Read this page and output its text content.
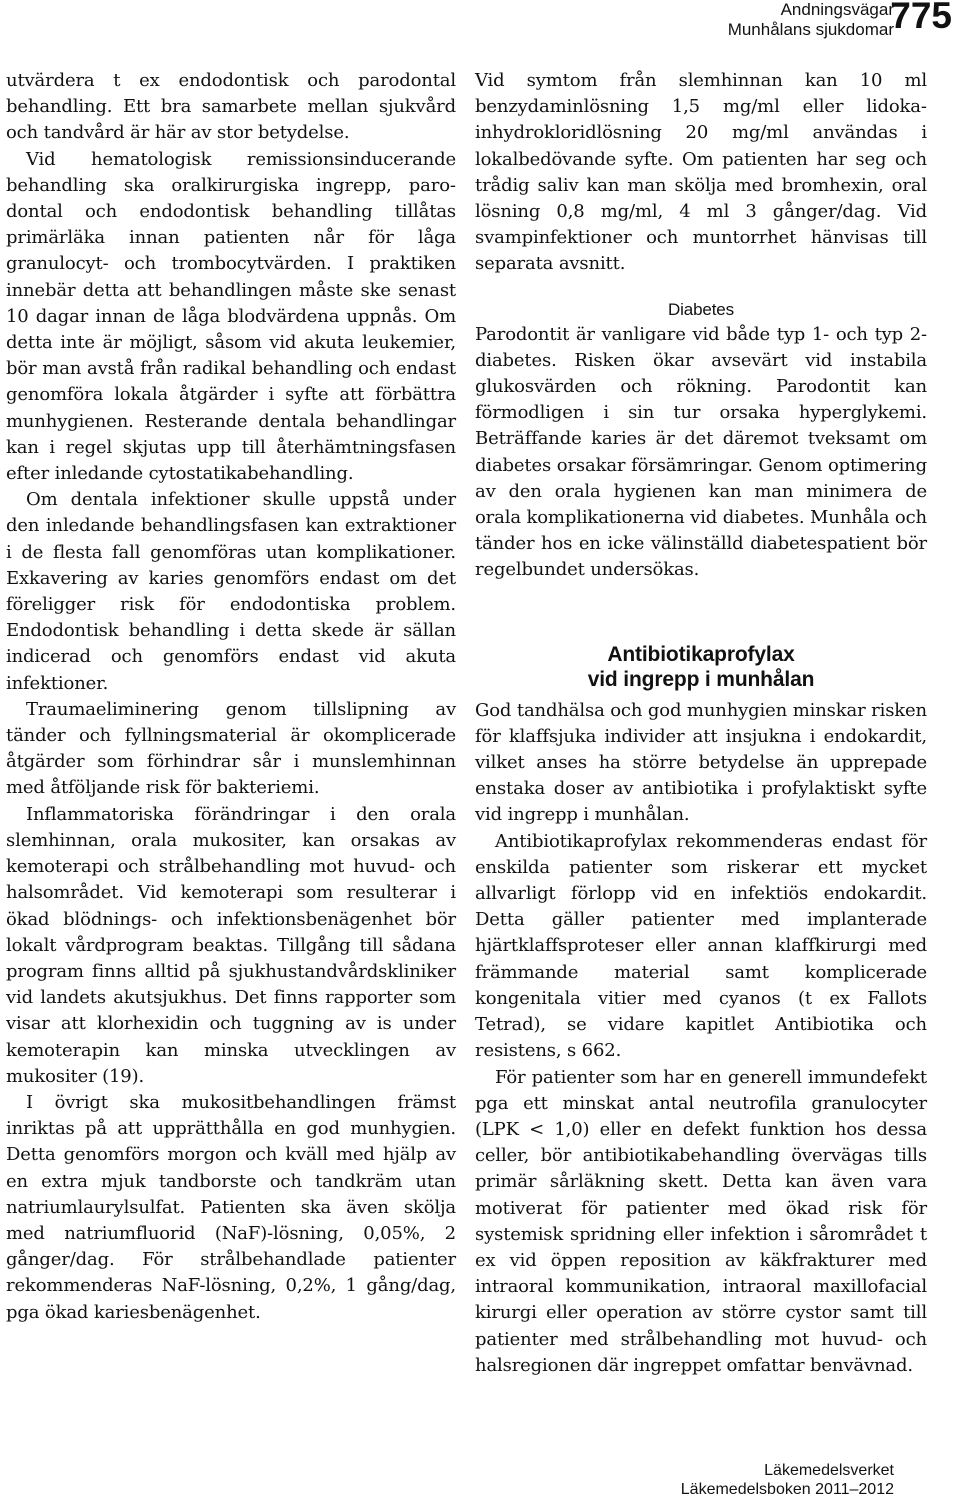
Andningsvägar
Munhålans sjukdomar
775

utvärdera t ex endodontisk och parodontal behandling. Ett bra samarbete mellan sjukvård och tandvård är här av stor betydelse.

Vid hematologisk remissionsinducerande behandling ska oralkirurgiska ingrepp, parodontal och endodontisk behandling tillåtas primärläka innan patienten når för låga granulocyt- och trombocytvärden. I praktiken innebär detta att behandlingen måste ske senast 10 dagar innan de låga blodvärdena uppnås. Om detta inte är möjligt, såsom vid akuta leukemier, bör man avstå från radikal behandling och endast genomföra lokala åtgärder i syfte att förbättra munhygienen. Resterande dentala behandlingar kan i regel skjutas upp till återhämtningsfasen efter inledande cytostatikabehandling.

Om dentala infektioner skulle uppstå under den inledande behandlingsfasen kan extraktioner i de flesta fall genomföras utan komplikationer. Exkavering av karies genomförs endast om det föreligger risk för endodontiska problem. Endodontisk behandling i detta skede är sällan indicerad och genomförs endast vid akuta infektioner.

Traumaeliminering genom tillslipning av tänder och fyllningsmaterial är okomplicerade åtgärder som förhindrar sår i munslemhinnan med åtföljande risk för bakteriemi.

Inflammatoriska förändringar i den orala slemhinnan, orala mukositer, kan orsakas av kemoterapi och strålbehandling mot huvud- och halsområdet. Vid kemoterapi som resulterar i ökad blödnings- och infektionsbenägenhet bör lokalt vårdprogram beaktas. Tillgång till sådana program finns alltid på sjukhustandvårdskliniker vid landets akutsjukhus. Det finns rapporter som visar att klorhexidin och tuggning av is under kemoterapin kan minska utvecklingen av mukositer (19).

I övrigt ska mukositbehandlingen främst inriktas på att upprätthålla en god munhygien. Detta genomförs morgon och kväll med hjälp av en extra mjuk tandborste och tandkräm utan natriumlaurylsulfat. Patienten ska även skölja med natriumfluorid (NaF)-lösning, 0,05%, 2 gånger/dag. För strålbehandlade patienter rekommenderas NaF-lösning, 0,2%, 1 gång/dag, pga ökad kariesbenägenhet.

Vid symtom från slemhinnan kan 10 ml benzydaminlösning 1,5 mg/ml eller lidokainhydrokloridlösning 20 mg/ml användas i lokalbedövande syfte. Om patienten har seg och trådig saliv kan man skölja med bromhexin, oral lösning 0,8 mg/ml, 4 ml 3 gånger/dag. Vid svampinfektioner och muntorrhet hänvisas till separata avsnitt.

Diabetes

Parodontit är vanligare vid både typ 1- och typ 2-diabetes. Risken ökar avsevärt vid instabila glukosvärden och rökning. Parodontit kan förmodligen i sin tur orsaka hyperglykemi. Beträffande karies är det däremot tveksamt om diabetes orsakar försämringar. Genom optimering av den orala hygienen kan man minimera de orala komplikationerna vid diabetes. Munhåla och tänder hos en icke välinställd diabetespatient bör regelbundet undersökas.

Antibiotikaprofylax
vid ingrepp i munhålan

God tandhälsa och god munhygien minskar risken för klaffsjuka individer att insjukna i endokardit, vilket anses ha större betydelse än upprepade enstaka doser av antibiotika i profylaktiskt syfte vid ingrepp i munhålan.

Antibiotikaprofylax rekommenderas endast för enskilda patienter som riskerar ett mycket allvarligt förlopp vid en infektiös endokardit. Detta gäller patienter med implanterade hjärtklaffsproteser eller annan klaffkirurgi med främmande material samt komplicerade kongenitala vitier med cyanos (t ex Fallots Tetrad), se vidare kapitlet Antibiotika och resistens, s 662.

För patienter som har en generell immundefekt pga ett minskat antal neutrofila granulocyter (LPK < 1,0) eller en defekt funktion hos dessa celler, bör antibiotikabehandling övervägas tills primär sårläkning skett. Detta kan även vara motiverat för patienter med ökad risk för systemisk spridning eller infektion i sårområdet t ex vid öppen reposition av käkfrakturer med intraoral kommunikation, intraoral maxillofacial kirurgi eller operation av större cystor samt till patienter med strålbehandling mot huvud- och halsregionen där ingreppet omfattar benvävnad.

Läkemedelsverket
Läkemedelsboken 2011–2012
